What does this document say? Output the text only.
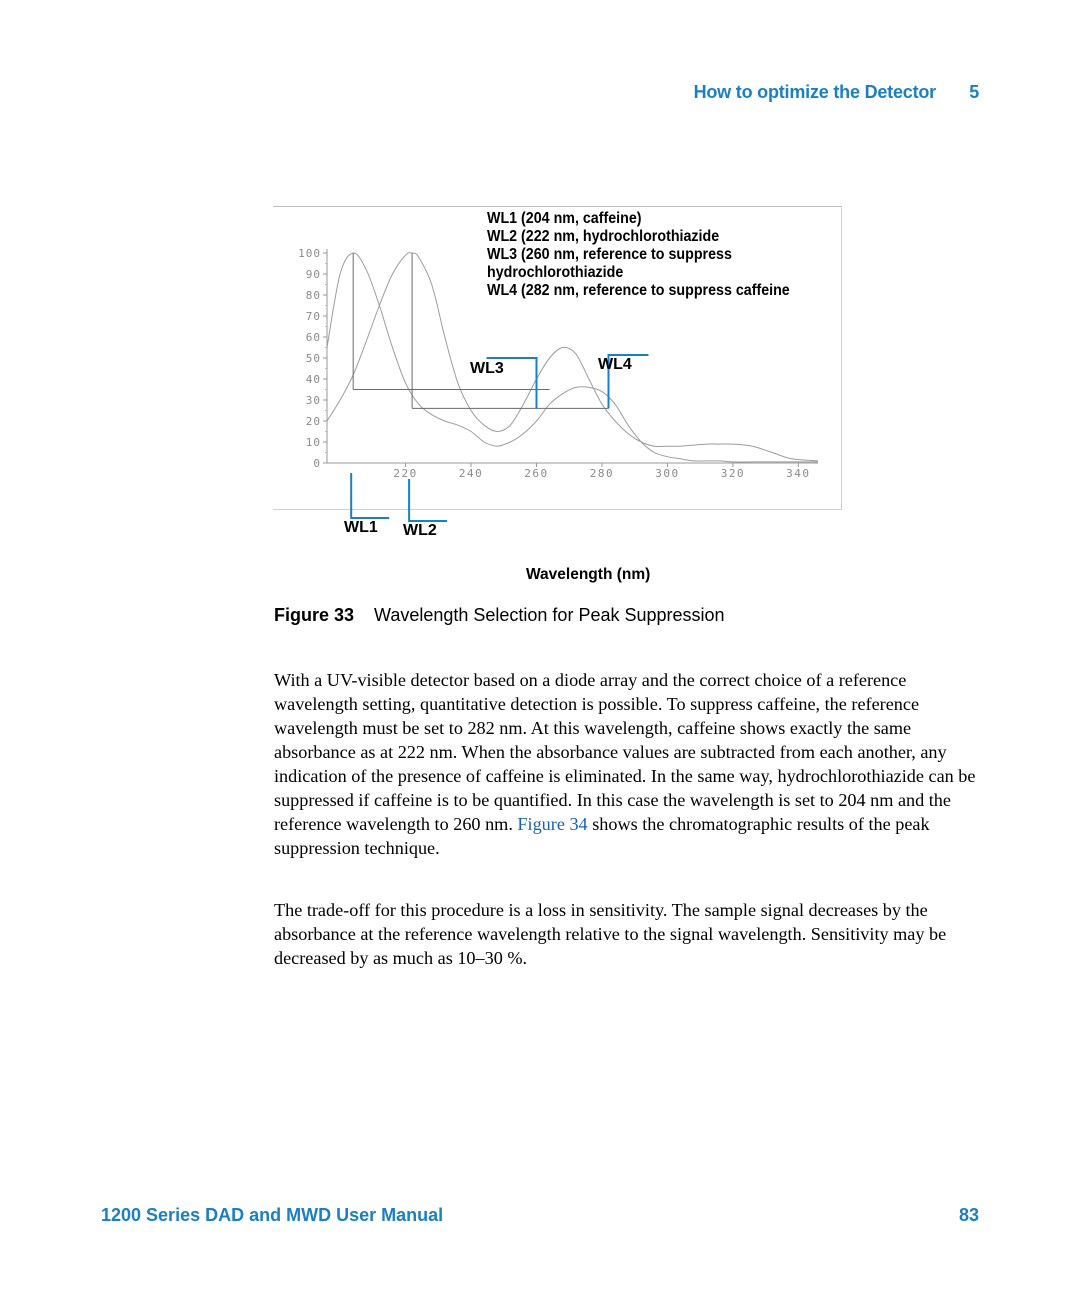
How to optimize the Detector 5
0
10
20
30
40
50
60
70
80
90
100
220	240	260	280	300	320	340
WL1 (204 nm, caffeine)
WL2 (222 nm, hydrochlorothiazide
WL3 (260 nm, reference to suppress
hydrochlorothiazide
WL4 (282 nm, reference to suppress caffeine
WL3	WL4
WL1 WL2
Wavelength (nm)
Figure 33 Wavelength Selection for Peak Suppression
With a UV-visible detector based on a diode array and the correct choice of a reference wavelength setting, quantitative detection is possible. To suppress caffeine, the reference wavelength must be set to 282 nm. At this wavelength, caffeine shows exactly the same absorbance as at 222 nm. When the absorbance values are subtracted from each another, any indication of the presence of caffeine is eliminated. In the same way, hydrochlorothiazide can be suppressed if caffeine is to be quantified. In this case the wavelength is set to 204 nm and the reference wavelength to 260 nm. Figure 34 shows the chromatographic results of the peak suppression technique.
The trade-off for this procedure is a loss in sensitivity. The sample signal decreases by the absorbance at the reference wavelength relative to the signal wavelength. Sensitivity may be decreased by as much as 10–30 %.
1200 Series DAD and MWD User Manual	83
